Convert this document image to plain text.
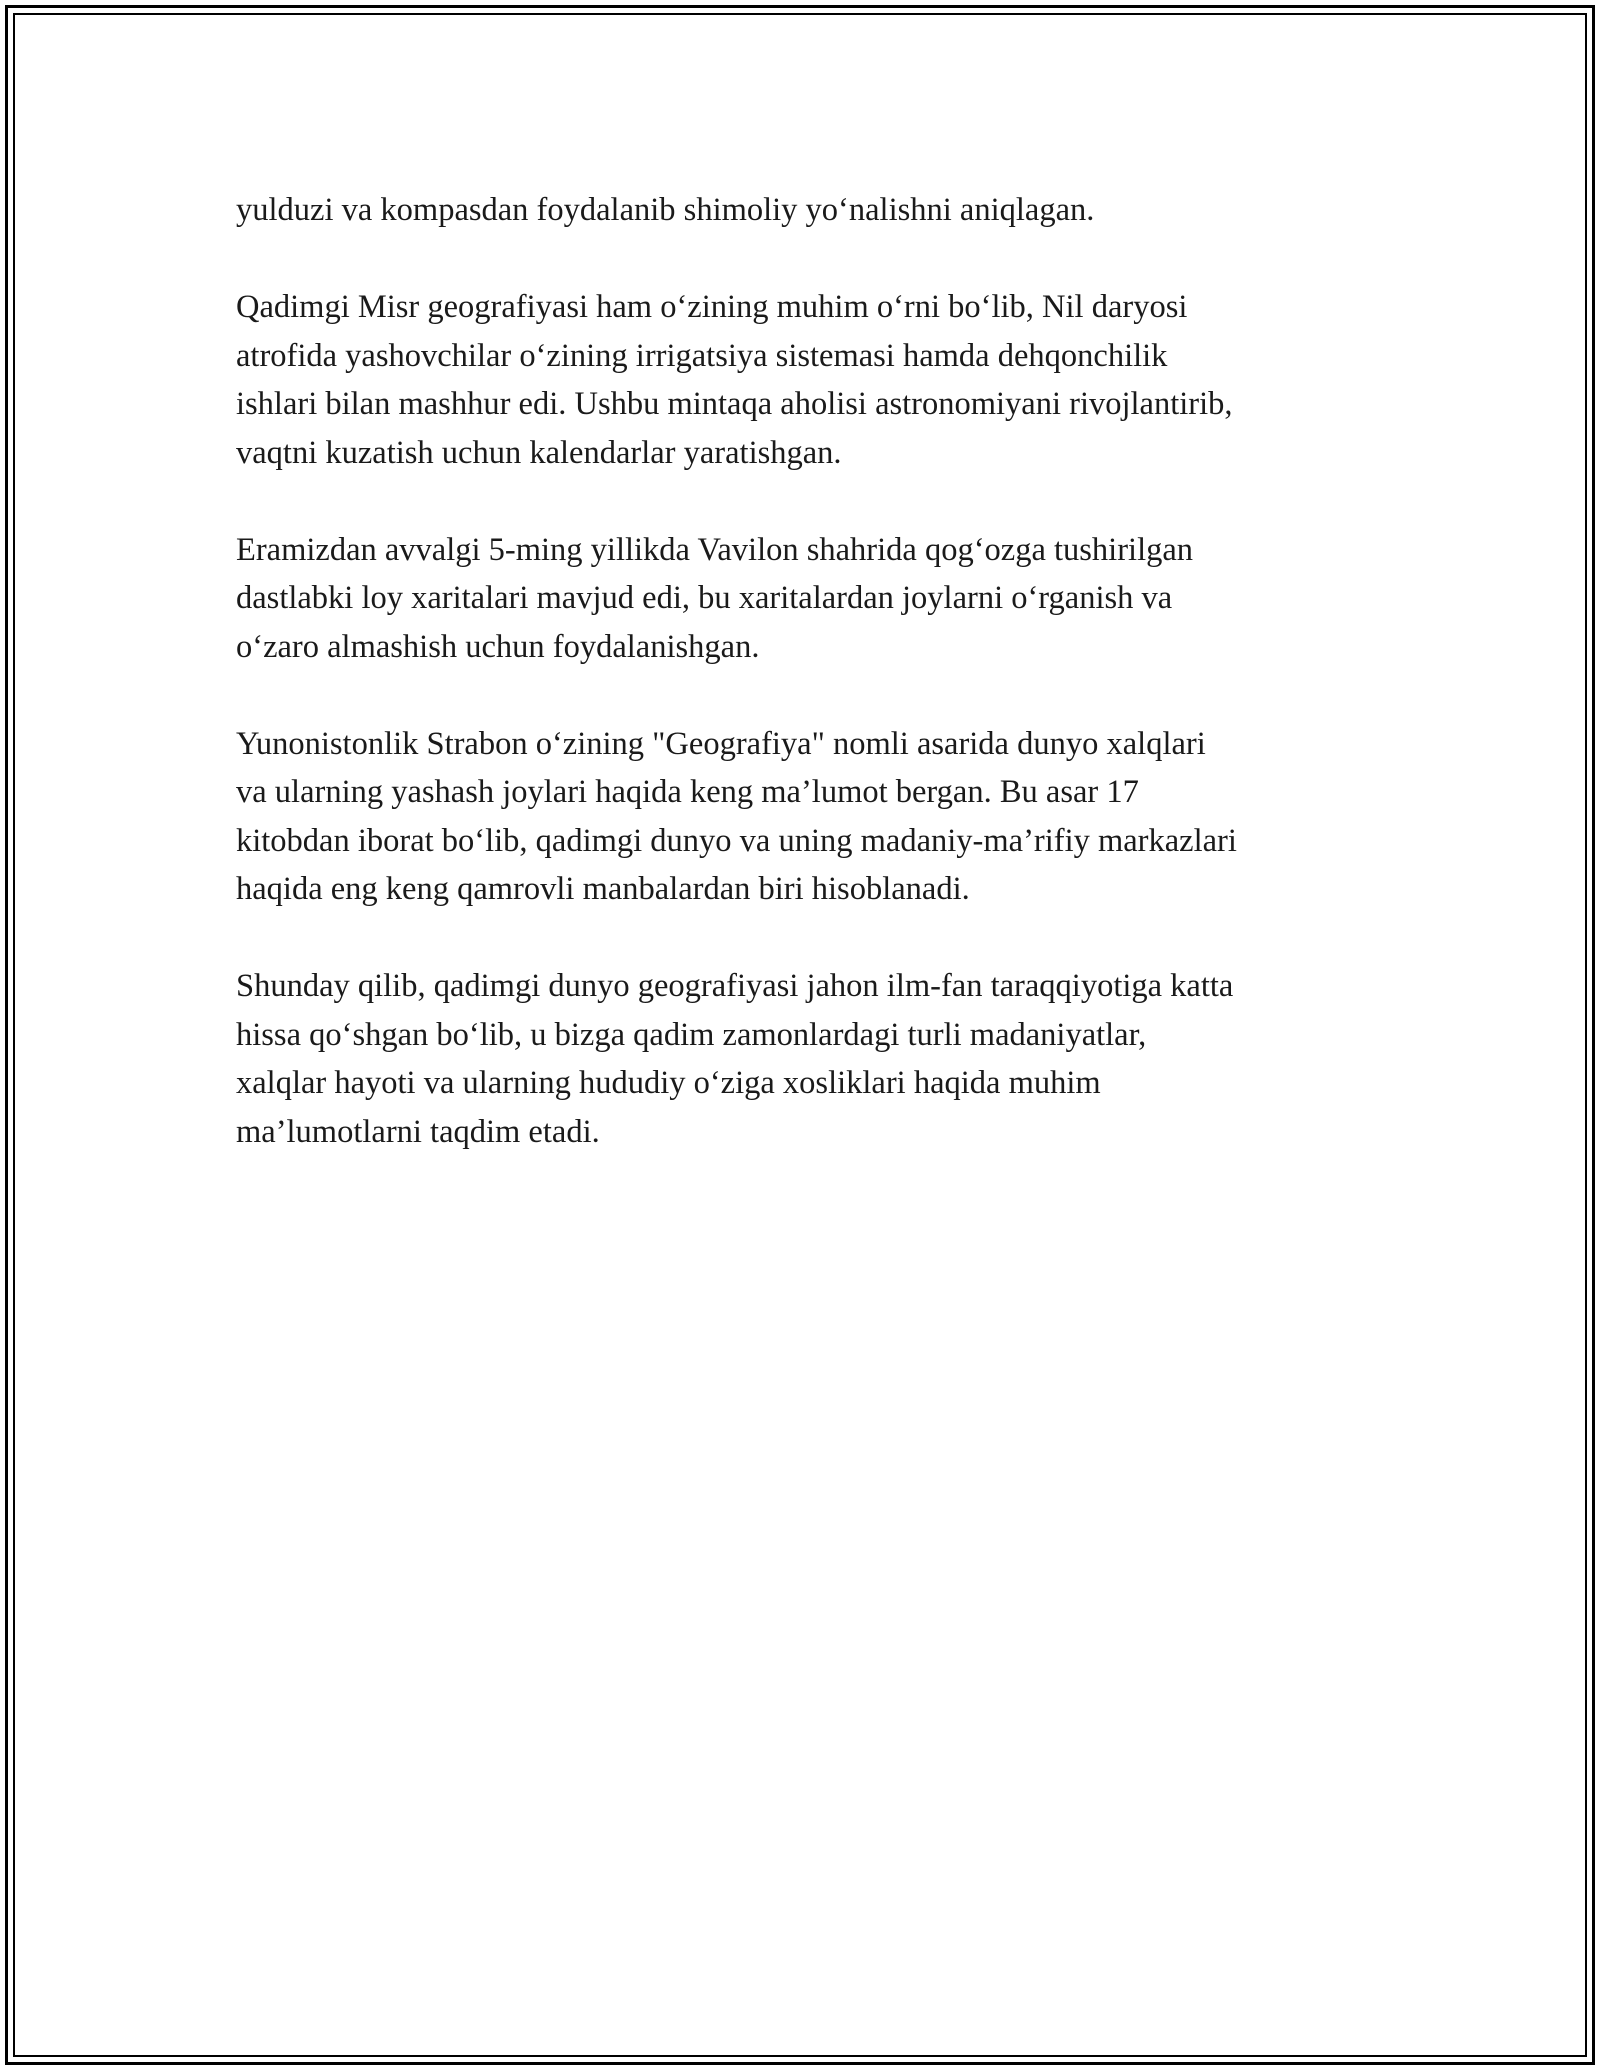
yulduzi va kompasdan foydalanib shimoliy yo‘nalishni aniqlagan.

Qadimgi Misr geografiyasi ham o‘zining muhim o‘rni bo‘lib, Nil daryosi
atrofida yashovchilar o‘zining irrigatsiya sistemasi hamda dehqonchilik
ishlari bilan mashhur edi. Ushbu mintaqa aholisi astronomiyani rivojlantirib,
vaqtni kuzatish uchun kalendarlar yaratishgan.

Eramizdan avvalgi 5-ming yillikda Vavilon shahrida qog‘ozga tushirilgan
dastlabki loy xaritalari mavjud edi, bu xaritalardan joylarni o‘rganish va
o‘zaro almashish uchun foydalanishgan.

Yunonistonlik Strabon o‘zining "Geografiya" nomli asarida dunyo xalqlari
va ularning yashash joylari haqida keng ma’lumot bergan. Bu asar 17
kitobdan iborat bo‘lib, qadimgi dunyo va uning madaniy-ma’rifiy markazlari
haqida eng keng qamrovli manbalardan biri hisoblanadi.

Shunday qilib, qadimgi dunyo geografiyasi jahon ilm-fan taraqqiyotiga katta
hissa qo‘shgan bo‘lib, u bizga qadim zamonlardagi turli madaniyatlar,
xalqlar hayoti va ularning hududiy o‘ziga xosliklari haqida muhim
ma’lumotlarni taqdim etadi.
